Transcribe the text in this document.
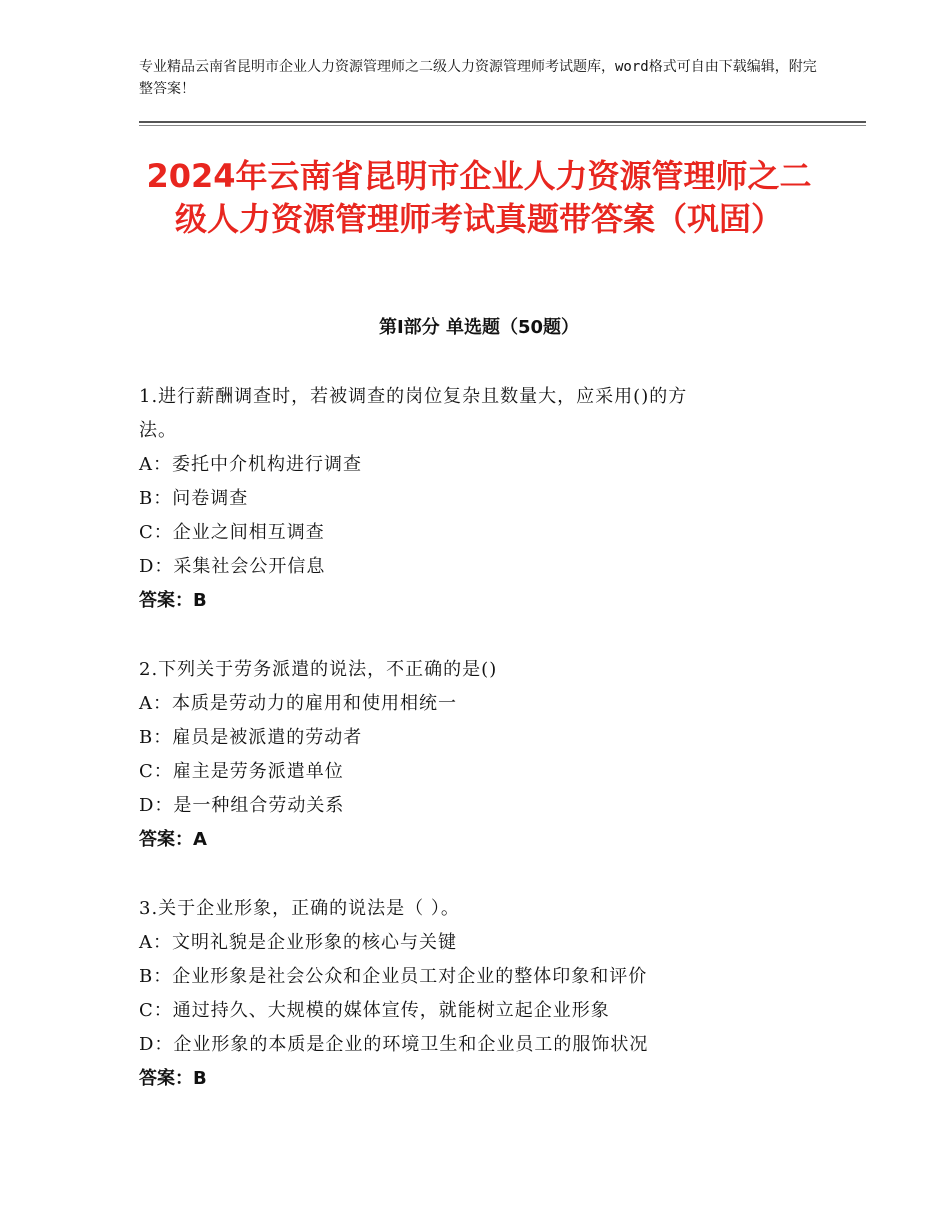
专业精品云南省昆明市企业人力资源管理师之二级人力资源管理师考试题库，word格式可自由下载编辑，附完整答案！
2024年云南省昆明市企业人力资源管理师之二级人力资源管理师考试真题带答案（巩固）
第Ⅰ部分 单选题（50题）

1.进行薪酬调查时，若被调查的岗位复杂且数量大，应采用()的方

法。

A：委托中介机构进行调查

B：问卷调查

C：企业之间相互调查

D：采集社会公开信息

答案：B

2.下列关于劳务派遣的说法，不正确的是()

A：本质是劳动力的雇用和使用相统一

B：雇员是被派遣的劳动者

C：雇主是劳务派遣单位

D：是一种组合劳动关系

答案：A

3.关于企业形象，正确的说法是（ ）。

A：文明礼貌是企业形象的核心与关键

B：企业形象是社会公众和企业员工对企业的整体印象和评价

C：通过持久、大规模的媒体宣传，就能树立起企业形象

D：企业形象的本质是企业的环境卫生和企业员工的服饰状况

答案：B
